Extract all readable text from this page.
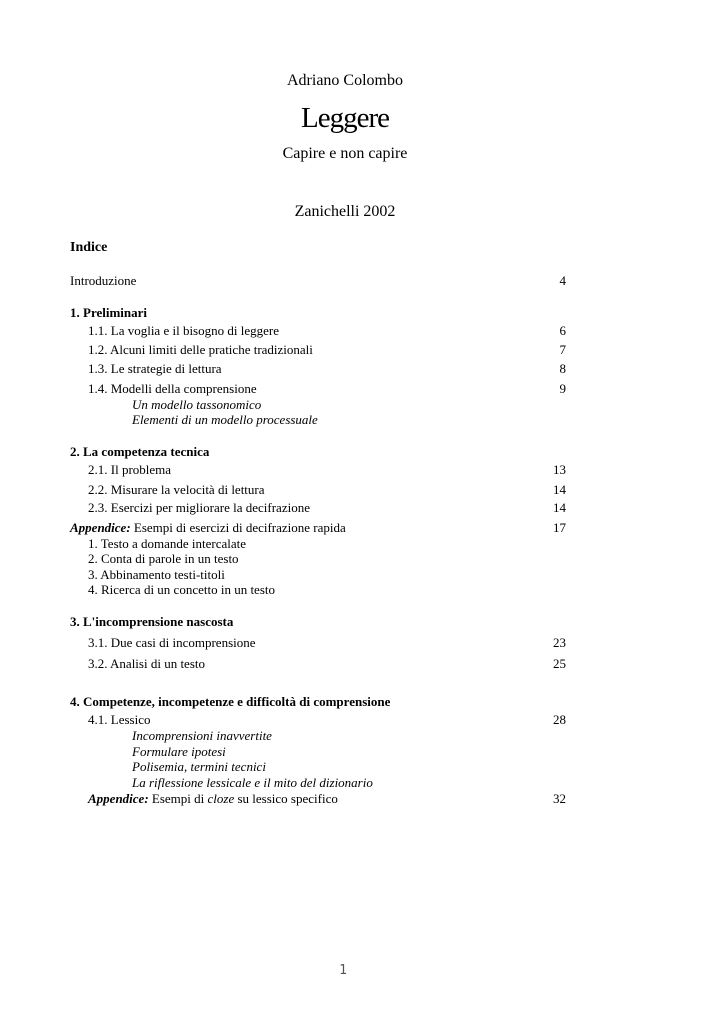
Adriano Colombo
Leggere
Capire e non capire
Zanichelli 2002
Indice
Introduzione	4
1. Preliminari
1.1. La voglia e il bisogno di leggere	6
1.2. Alcuni limiti delle pratiche tradizionali	7
1.3. Le strategie di lettura	8
1.4. Modelli della comprensione	9
Un modello tassonomico
Elementi di un modello processuale
2. La competenza tecnica
2.1. Il problema	13
2.2. Misurare la velocità di lettura	14
2.3. Esercizi per migliorare la decifrazione	14
Appendice: Esempi di esercizi di decifrazione rapida	17
1. Testo a domande intercalate
2. Conta di parole in un testo
3. Abbinamento testi-titoli
4. Ricerca di un concetto in un testo
3. L'incomprensione nascosta
3.1. Due casi di incomprensione	23
3.2. Analisi di un testo	25
4. Competenze, incompetenze e difficoltà di comprensione
4.1. Lessico	28
Incomprensioni inavvertite
Formulare ipotesi
Polisemia, termini tecnici
La riflessione lessicale e il mito del dizionario
Appendice: Esempi di cloze su lessico specifico	32
1
